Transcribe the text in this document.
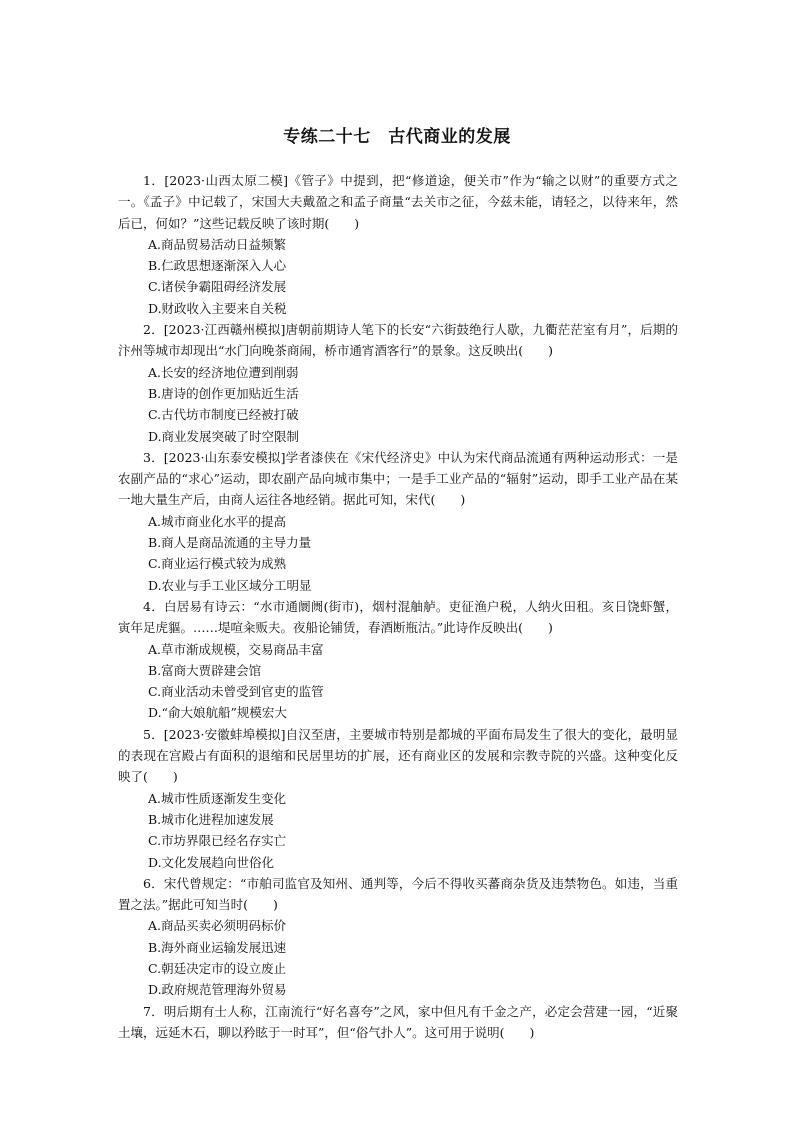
专练二十七　古代商业的发展

1．[2023·山西太原二模]《管子》中提到，把“修道途，便关市”作为“输之以财”的重要方式之一。《孟子》中记载了，宋国大夫戴盈之和孟子商量“去关市之征，今兹未能，请轻之，以待来年，然后已，何如？”这些记载反映了该时期(　　)

A.商品贸易活动日益频繁

B.仁政思想逐渐深入人心

C.诸侯争霸阻碍经济发展

D.财政收入主要来自关税

2．[2023·江西赣州模拟]唐朝前期诗人笔下的长安“六街鼓绝行人歇，九衢茫茫室有月”，后期的汴州等城市却现出“水门向晚茶商闹，桥市通宵酒客行”的景象。这反映出(　　)

A.长安的经济地位遭到削弱

B.唐诗的创作更加贴近生活

C.古代坊市制度已经被打破

D.商业发展突破了时空限制

3．[2023·山东泰安模拟]学者漆侠在《宋代经济史》中认为宋代商品流通有两种运动形式：一是农副产品的“求心”运动，即农副产品向城市集中；一是手工业产品的“辐射”运动，即手工业产品在某一地大量生产后，由商人运往各地经销。据此可知，宋代(　　)

A.城市商业化水平的提高

B.商人是商品流通的主导力量

C.商业运行模式较为成熟

D.农业与手工业区域分工明显

4．白居易有诗云：“水市通阛阓(街市)，烟村混舳舻。吏征渔户税，人纳火田租。亥日饶虾蟹，寅年足虎貙。……堤喧籴贩夫。夜船论铺赁，春酒断瓶沽。”此诗作反映出(　　)

A.草市渐成规模，交易商品丰富

B.富商大贾辟建会馆

C.商业活动未曾受到官吏的监管

D.“俞大娘航船”规模宏大

5．[2023·安徽蚌埠模拟]自汉至唐，主要城市特别是都城的平面布局发生了很大的变化，最明显的表现在宫殿占有面积的退缩和民居里坊的扩展，还有商业区的发展和宗教寺院的兴盛。这种变化反映了(　　)

A.城市性质逐渐发生变化

B.城市化进程加速发展

C.市坊界限已经名存实亡

D.文化发展趋向世俗化

6．宋代曾规定：“市舶司监官及知州、通判等，今后不得收买蕃商杂货及违禁物色。如违，当重置之法。”据此可知当时(　　)

A.商品买卖必须明码标价

B.海外商业运输发展迅速

C.朝廷决定市的设立废止

D.政府规范管理海外贸易

7．明后期有士人称，江南流行“好名喜夸”之风，家中但凡有千金之产，必定会营建一园，“近聚土壤，远延木石，聊以矜眩于一时耳”，但“俗气扑人”。这可用于说明(　　)
